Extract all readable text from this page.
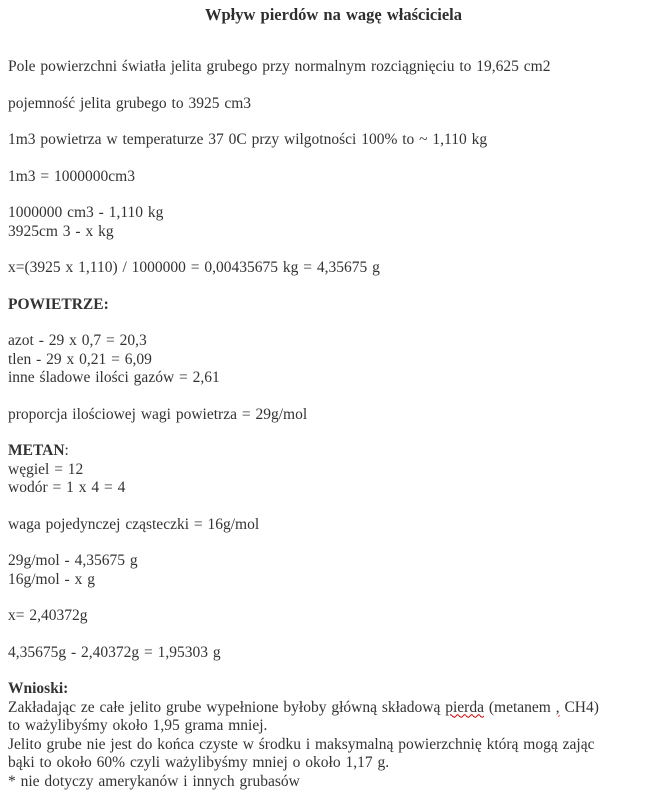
Wpływ pierdów na wagę właściciela

Pole powierzchni światła jelita grubego przy normalnym rozciągnięciu to 19,625 cm2

pojemność jelita grubego to 3925 cm3

1m3 powietrza w temperaturze 37 0C przy wilgotności 100% to ~ 1,110 kg

1m3 = 1000000cm3

1000000 cm3 - 1,110 kg
3925cm 3 - x kg

x=(3925 x 1,110) / 1000000 = 0,00435675 kg = 4,35675 g

POWIETRZE:

azot - 29 x 0,7 = 20,3
tlen - 29 x 0,21 = 6,09
inne śladowe ilości gazów = 2,61

proporcja ilościowej wagi powietrza = 29g/mol

METAN:
węgiel = 12
wodór = 1 x 4 = 4

waga pojedynczej cząsteczki = 16g/mol

29g/mol - 4,35675 g
16g/mol - x g

x= 2,40372g

4,35675g - 2,40372g = 1,95303 g

Wnioski:
Zakładając ze całe jelito grube wypełnione byłoby główną składową pierda (metanem , CH4)
to ważylibyśmy około 1,95 grama mniej.
Jelito grube nie jest do końca czyste w środku i maksymalną powierzchnię którą mogą zając
bąki to około 60% czyli ważylibyśmy mniej o około 1,17 g.
* nie dotyczy amerykanów i innych grubasów
